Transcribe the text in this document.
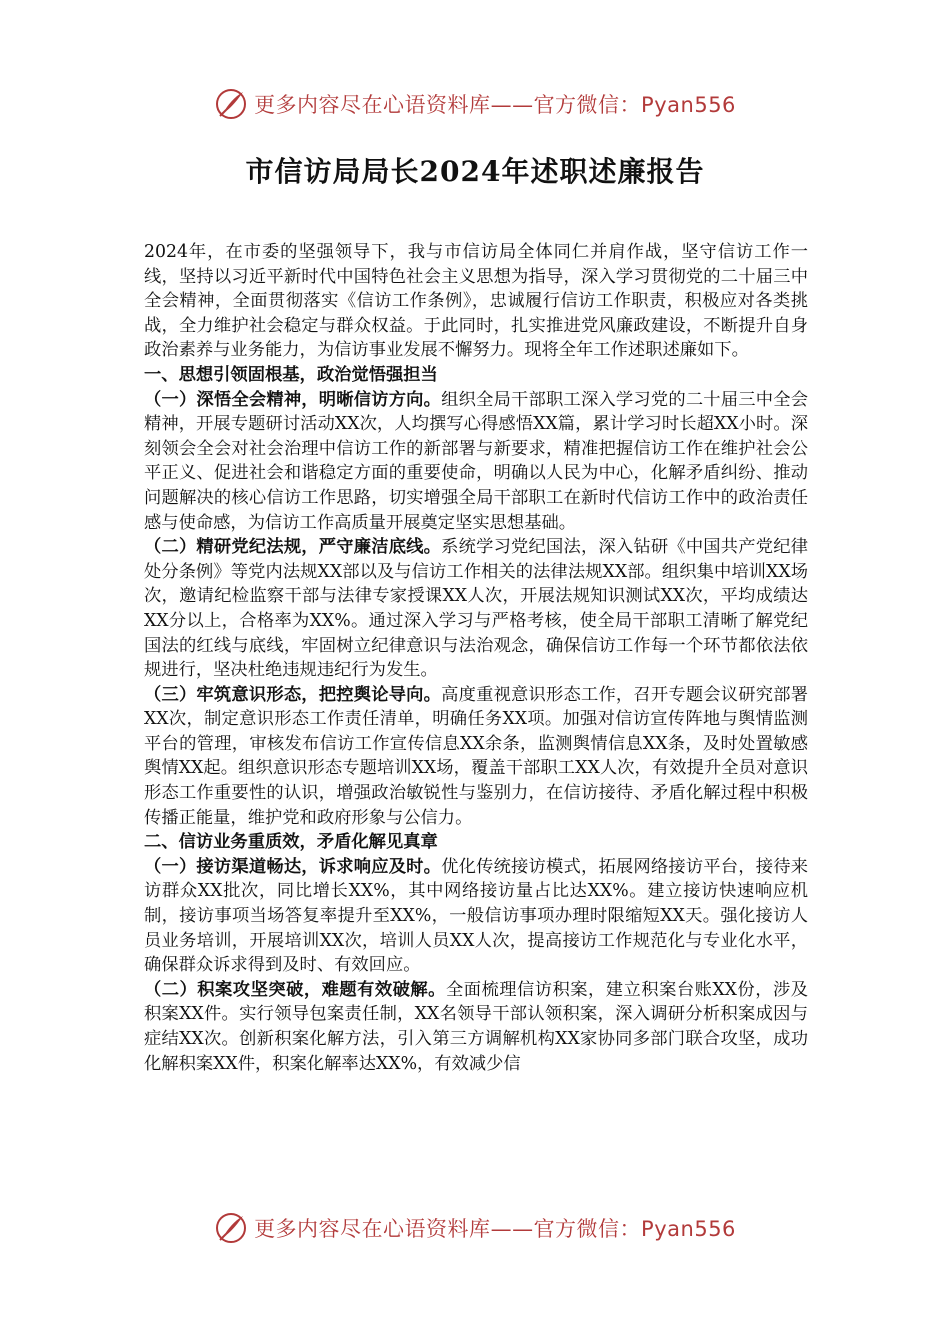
更多内容尽在心语资料库——官方微信：Pyan556
市信访局局长2024年述职述廉报告

2024年，在市委的坚强领导下，我与市信访局全体同仁并肩作战，坚守信访工作一线，坚持以习近平新时代中国特色社会主义思想为指导，深入学习贯彻党的二十届三中全会精神，全面贯彻落实《信访工作条例》，忠诚履行信访工作职责，积极应对各类挑战，全力维护社会稳定与群众权益。于此同时，扎实推进党风廉政建设，不断提升自身政治素养与业务能力，为信访事业发展不懈努力。现将全年工作述职述廉如下。

一、思想引领固根基，政治觉悟强担当

（一）深悟全会精神，明晰信访方向。组织全局干部职工深入学习党的二十届三中全会精神，开展专题研讨活动XX次，人均撰写心得感悟XX篇，累计学习时长超XX小时。深刻领会全会对社会治理中信访工作的新部署与新要求，精准把握信访工作在维护社会公平正义、促进社会和谐稳定方面的重要使命，明确以人民为中心，化解矛盾纠纷、推动问题解决的核心信访工作思路，切实增强全局干部职工在新时代信访工作中的政治责任感与使命感，为信访工作高质量开展奠定坚实思想基础。

（二）精研党纪法规，严守廉洁底线。系统学习党纪国法，深入钻研《中国共产党纪律处分条例》等党内法规XX部以及与信访工作相关的法律法规XX部。组织集中培训XX场次，邀请纪检监察干部与法律专家授课XX人次，开展法规知识测试XX次，平均成绩达XX分以上，合格率为XX%。通过深入学习与严格考核，使全局干部职工清晰了解党纪国法的红线与底线，牢固树立纪律意识与法治观念，确保信访工作每一个环节都依法依规进行，坚决杜绝违规违纪行为发生。

（三）牢筑意识形态，把控舆论导向。高度重视意识形态工作，召开专题会议研究部署XX次，制定意识形态工作责任清单，明确任务XX项。加强对信访宣传阵地与舆情监测平台的管理，审核发布信访工作宣传信息XX余条，监测舆情信息XX条，及时处置敏感舆情XX起。组织意识形态专题培训XX场，覆盖干部职工XX人次，有效提升全员对意识形态工作重要性的认识，增强政治敏锐性与鉴别力，在信访接待、矛盾化解过程中积极传播正能量，维护党和政府形象与公信力。

二、信访业务重质效，矛盾化解见真章

（一）接访渠道畅达，诉求响应及时。优化传统接访模式，拓展网络接访平台，接待来访群众XX批次，同比增长XX%，其中网络接访量占比达XX%。建立接访快速响应机制，接访事项当场答复率提升至XX%，一般信访事项办理时限缩短XX天。强化接访人员业务培训，开展培训XX次，培训人员XX人次，提高接访工作规范化与专业化水平，确保群众诉求得到及时、有效回应。

（二）积案攻坚突破，难题有效破解。全面梳理信访积案，建立积案台账XX份，涉及积案XX件。实行领导包案责任制，XX名领导干部认领积案，深入调研分析积案成因与症结XX次。创新积案化解方法，引入第三方调解机构XX家协同多部门联合攻坚，成功化解积案XX件，积案化解率达XX%，有效减少信

更多内容尽在心语资料库——官方微信：Pyan556
